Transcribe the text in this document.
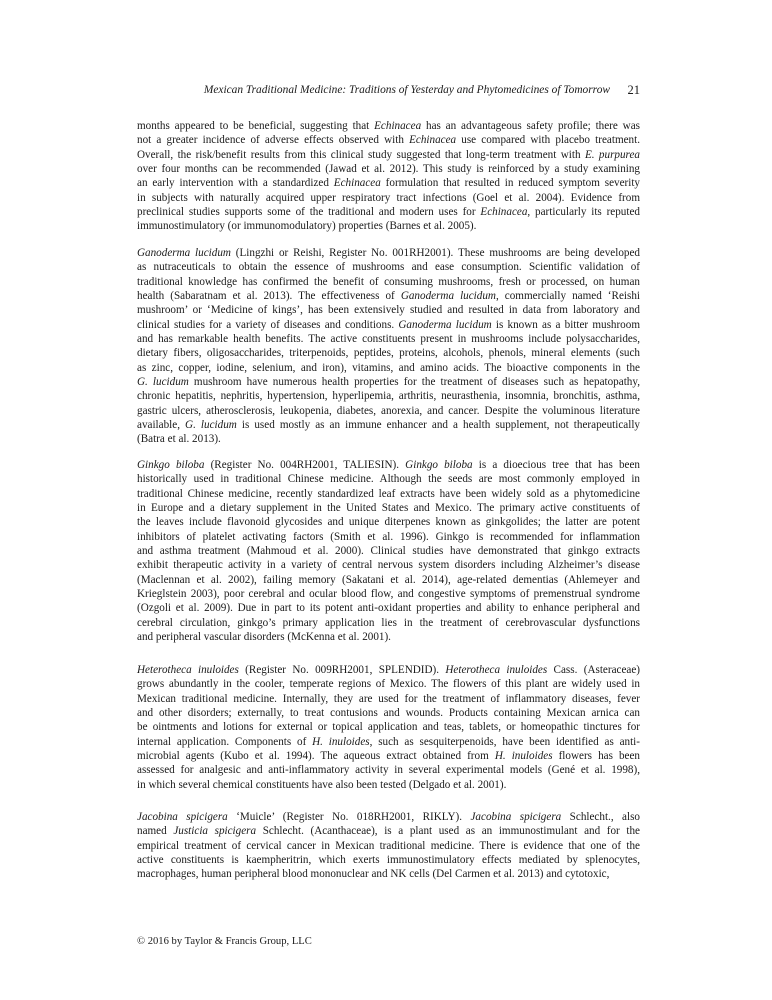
Mexican Traditional Medicine: Traditions of Yesterday and Phytomedicines of Tomorrow	21
months appeared to be beneficial, suggesting that Echinacea has an advantageous safety profile; there was
not a greater incidence of adverse effects observed with Echinacea use compared with placebo treatment.
Overall, the risk/benefit results from this clinical study suggested that long-term treatment with E. purpurea
over four months can be recommended (Jawad et al. 2012). This study is reinforced by a study examining
an early intervention with a standardized Echinacea formulation that resulted in reduced symptom severity
in subjects with naturally acquired upper respiratory tract infections (Goel et al. 2004). Evidence from
preclinical studies supports some of the traditional and modern uses for Echinacea, particularly its reputed
immunostimulatory (or immunomodulatory) properties (Barnes et al. 2005).
Ganoderma lucidum (Lingzhi or Reishi, Register No. 001RH2001). These mushrooms are being developed
as nutraceuticals to obtain the essence of mushrooms and ease consumption. Scientific validation of
traditional knowledge has confirmed the benefit of consuming mushrooms, fresh or processed, on human
health (Sabaratnam et al. 2013). The effectiveness of Ganoderma lucidum, commercially named ‘Reishi
mushroom’ or ‘Medicine of kings’, has been extensively studied and resulted in data from laboratory and
clinical studies for a variety of diseases and conditions. Ganoderma lucidum is known as a bitter mushroom
and has remarkable health benefits. The active constituents present in mushrooms include polysaccharides,
dietary fibers, oligosaccharides, triterpenoids, peptides, proteins, alcohols, phenols, mineral elements (such
as zinc, copper, iodine, selenium, and iron), vitamins, and amino acids. The bioactive components in the
G. lucidum mushroom have numerous health properties for the treatment of diseases such as hepatopathy,
chronic hepatitis, nephritis, hypertension, hyperlipemia, arthritis, neurasthenia, insomnia, bronchitis, asthma,
gastric ulcers, atherosclerosis, leukopenia, diabetes, anorexia, and cancer. Despite the voluminous literature
available, G. lucidum is used mostly as an immune enhancer and a health supplement, not therapeutically
(Batra et al. 2013).
Ginkgo biloba (Register No. 004RH2001, TALIESIN). Ginkgo biloba is a dioecious tree that has been
historically used in traditional Chinese medicine. Although the seeds are most commonly employed in
traditional Chinese medicine, recently standardized leaf extracts have been widely sold as a phytomedicine
in Europe and a dietary supplement in the United States and Mexico. The primary active constituents of
the leaves include flavonoid glycosides and unique diterpenes known as ginkgolides; the latter are potent
inhibitors of platelet activating factors (Smith et al. 1996). Ginkgo is recommended for inflammation
and asthma treatment (Mahmoud et al. 2000). Clinical studies have demonstrated that ginkgo extracts
exhibit therapeutic activity in a variety of central nervous system disorders including Alzheimer’s disease
(Maclennan et al. 2002), failing memory (Sakatani et al. 2014), age-related dementias (Ahlemeyer and
Krieglstein 2003), poor cerebral and ocular blood flow, and congestive symptoms of premenstrual syndrome
(Ozgoli et al. 2009). Due in part to its potent anti-oxidant properties and ability to enhance peripheral and
cerebral circulation, ginkgo’s primary application lies in the treatment of cerebrovascular dysfunctions
and peripheral vascular disorders (McKenna et al. 2001).
Heterotheca inuloides (Register No. 009RH2001, SPLENDID). Heterotheca inuloides Cass. (Asteraceae)
grows abundantly in the cooler, temperate regions of Mexico. The flowers of this plant are widely used in
Mexican traditional medicine. Internally, they are used for the treatment of inflammatory diseases, fever
and other disorders; externally, to treat contusions and wounds. Products containing Mexican arnica can
be ointments and lotions for external or topical application and teas, tablets, or homeopathic tinctures for
internal application. Components of H. inuloides, such as sesquiterpenoids, have been identified as anti-
microbial agents (Kubo et al. 1994). The aqueous extract obtained from H. inuloides flowers has been
assessed for analgesic and anti-inflammatory activity in several experimental models (Gené et al. 1998),
in which several chemical constituents have also been tested (Delgado et al. 2001).
Jacobina spicigera ‘Muicle’ (Register No. 018RH2001, RIKLY). Jacobina spicigera Schlecht., also
named Justicia spicigera Schlecht. (Acanthaceae), is a plant used as an immunostimulant and for the
empirical treatment of cervical cancer in Mexican traditional medicine. There is evidence that one of the
active constituents is kaempheritrin, which exerts immunostimulatory effects mediated by splenocytes,
macrophages, human peripheral blood mononuclear and NK cells (Del Carmen et al. 2013) and cytotoxic,
© 2016 by Taylor & Francis Group, LLC
